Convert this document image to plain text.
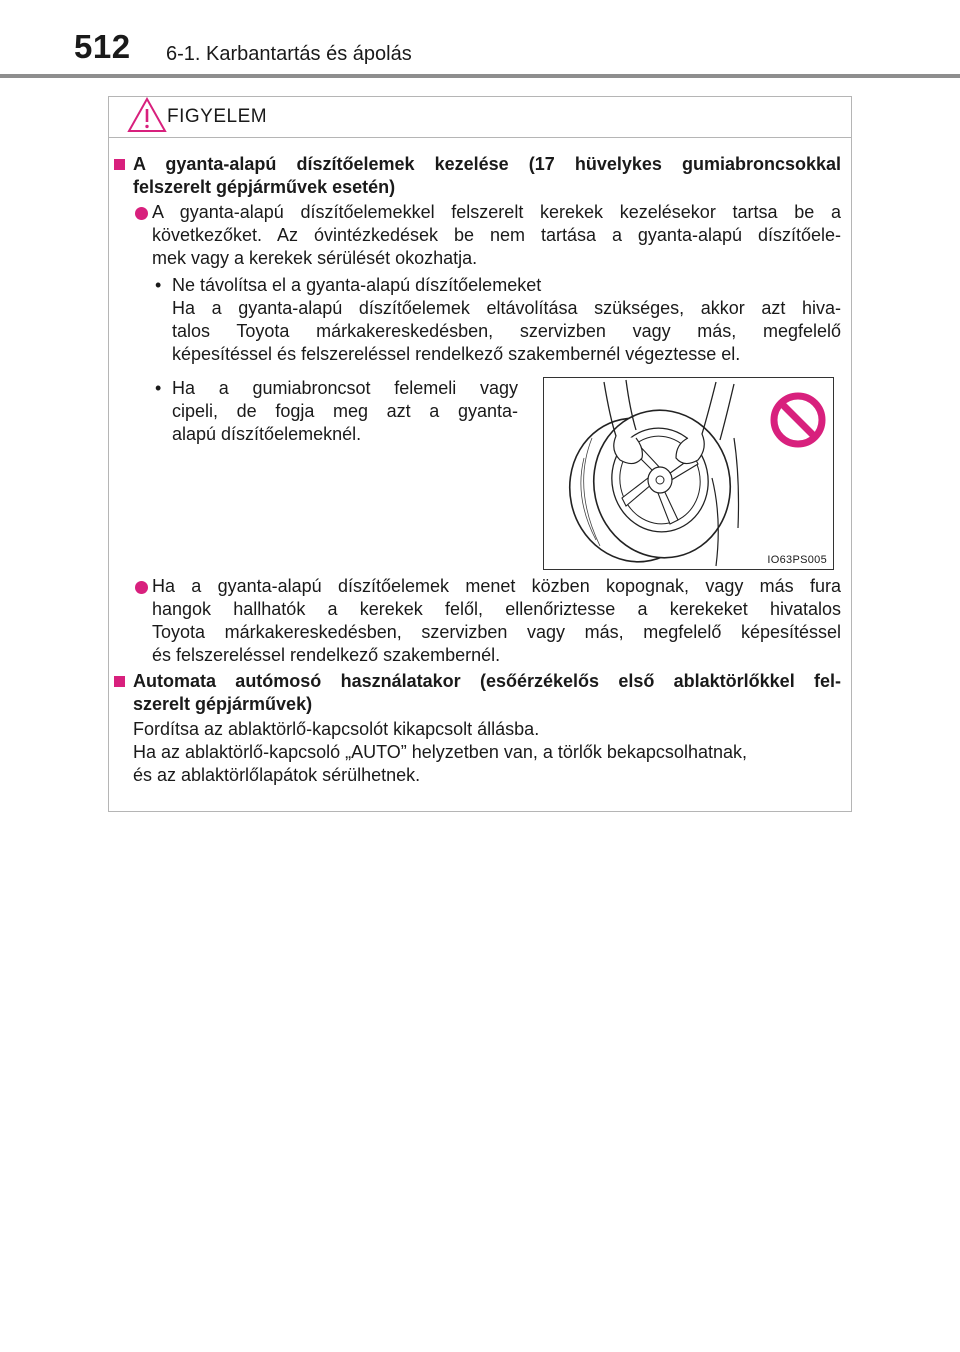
512 6-1. Karbantartás és ápolás
FIGYELEM
A gyanta-alapú díszítőelemek kezelése (17 hüvelykes gumiabroncsokkal
felszerelt gépjárművek esetén)
A gyanta-alapú díszítőelemekkel felszerelt kerekek kezelésekor tartsa be a
következőket. Az óvintézkedések be nem tartása a gyanta-alapú díszítőele-
mek vagy a kerekek sérülését okozhatja.
• Ne távolítsa el a gyanta-alapú díszítőelemeket
Ha a gyanta-alapú díszítőelemek eltávolítása szükséges, akkor azt hiva-
talos Toyota márkakereskedésben, szervizben vagy más, megfelelő
képesítéssel és felszereléssel rendelkező szakembernél végeztesse el.
• Ha a gumiabroncsot felemeli vagy
cipeli, de fogja meg azt a gyanta-
alapú díszítőelemeknél.
IO63PS005
Ha a gyanta-alapú díszítőelemek menet közben kopognak, vagy más fura
hangok hallhatók a kerekek felől, ellenőriztesse a kerekeket hivatalos
Toyota márkakereskedésben, szervizben vagy más, megfelelő képesítéssel
és felszereléssel rendelkező szakembernél.
Automata autómosó használatakor (esőérzékelős első ablaktörlőkkel fel-
szerelt gépjárművek)
Fordítsa az ablaktörlő-kapcsolót kikapcsolt állásba.
Ha az ablaktörlő-kapcsoló „AUTO” helyzetben van, a törlők bekapcsolhatnak,
és az ablaktörlőlapátok sérülhetnek.
